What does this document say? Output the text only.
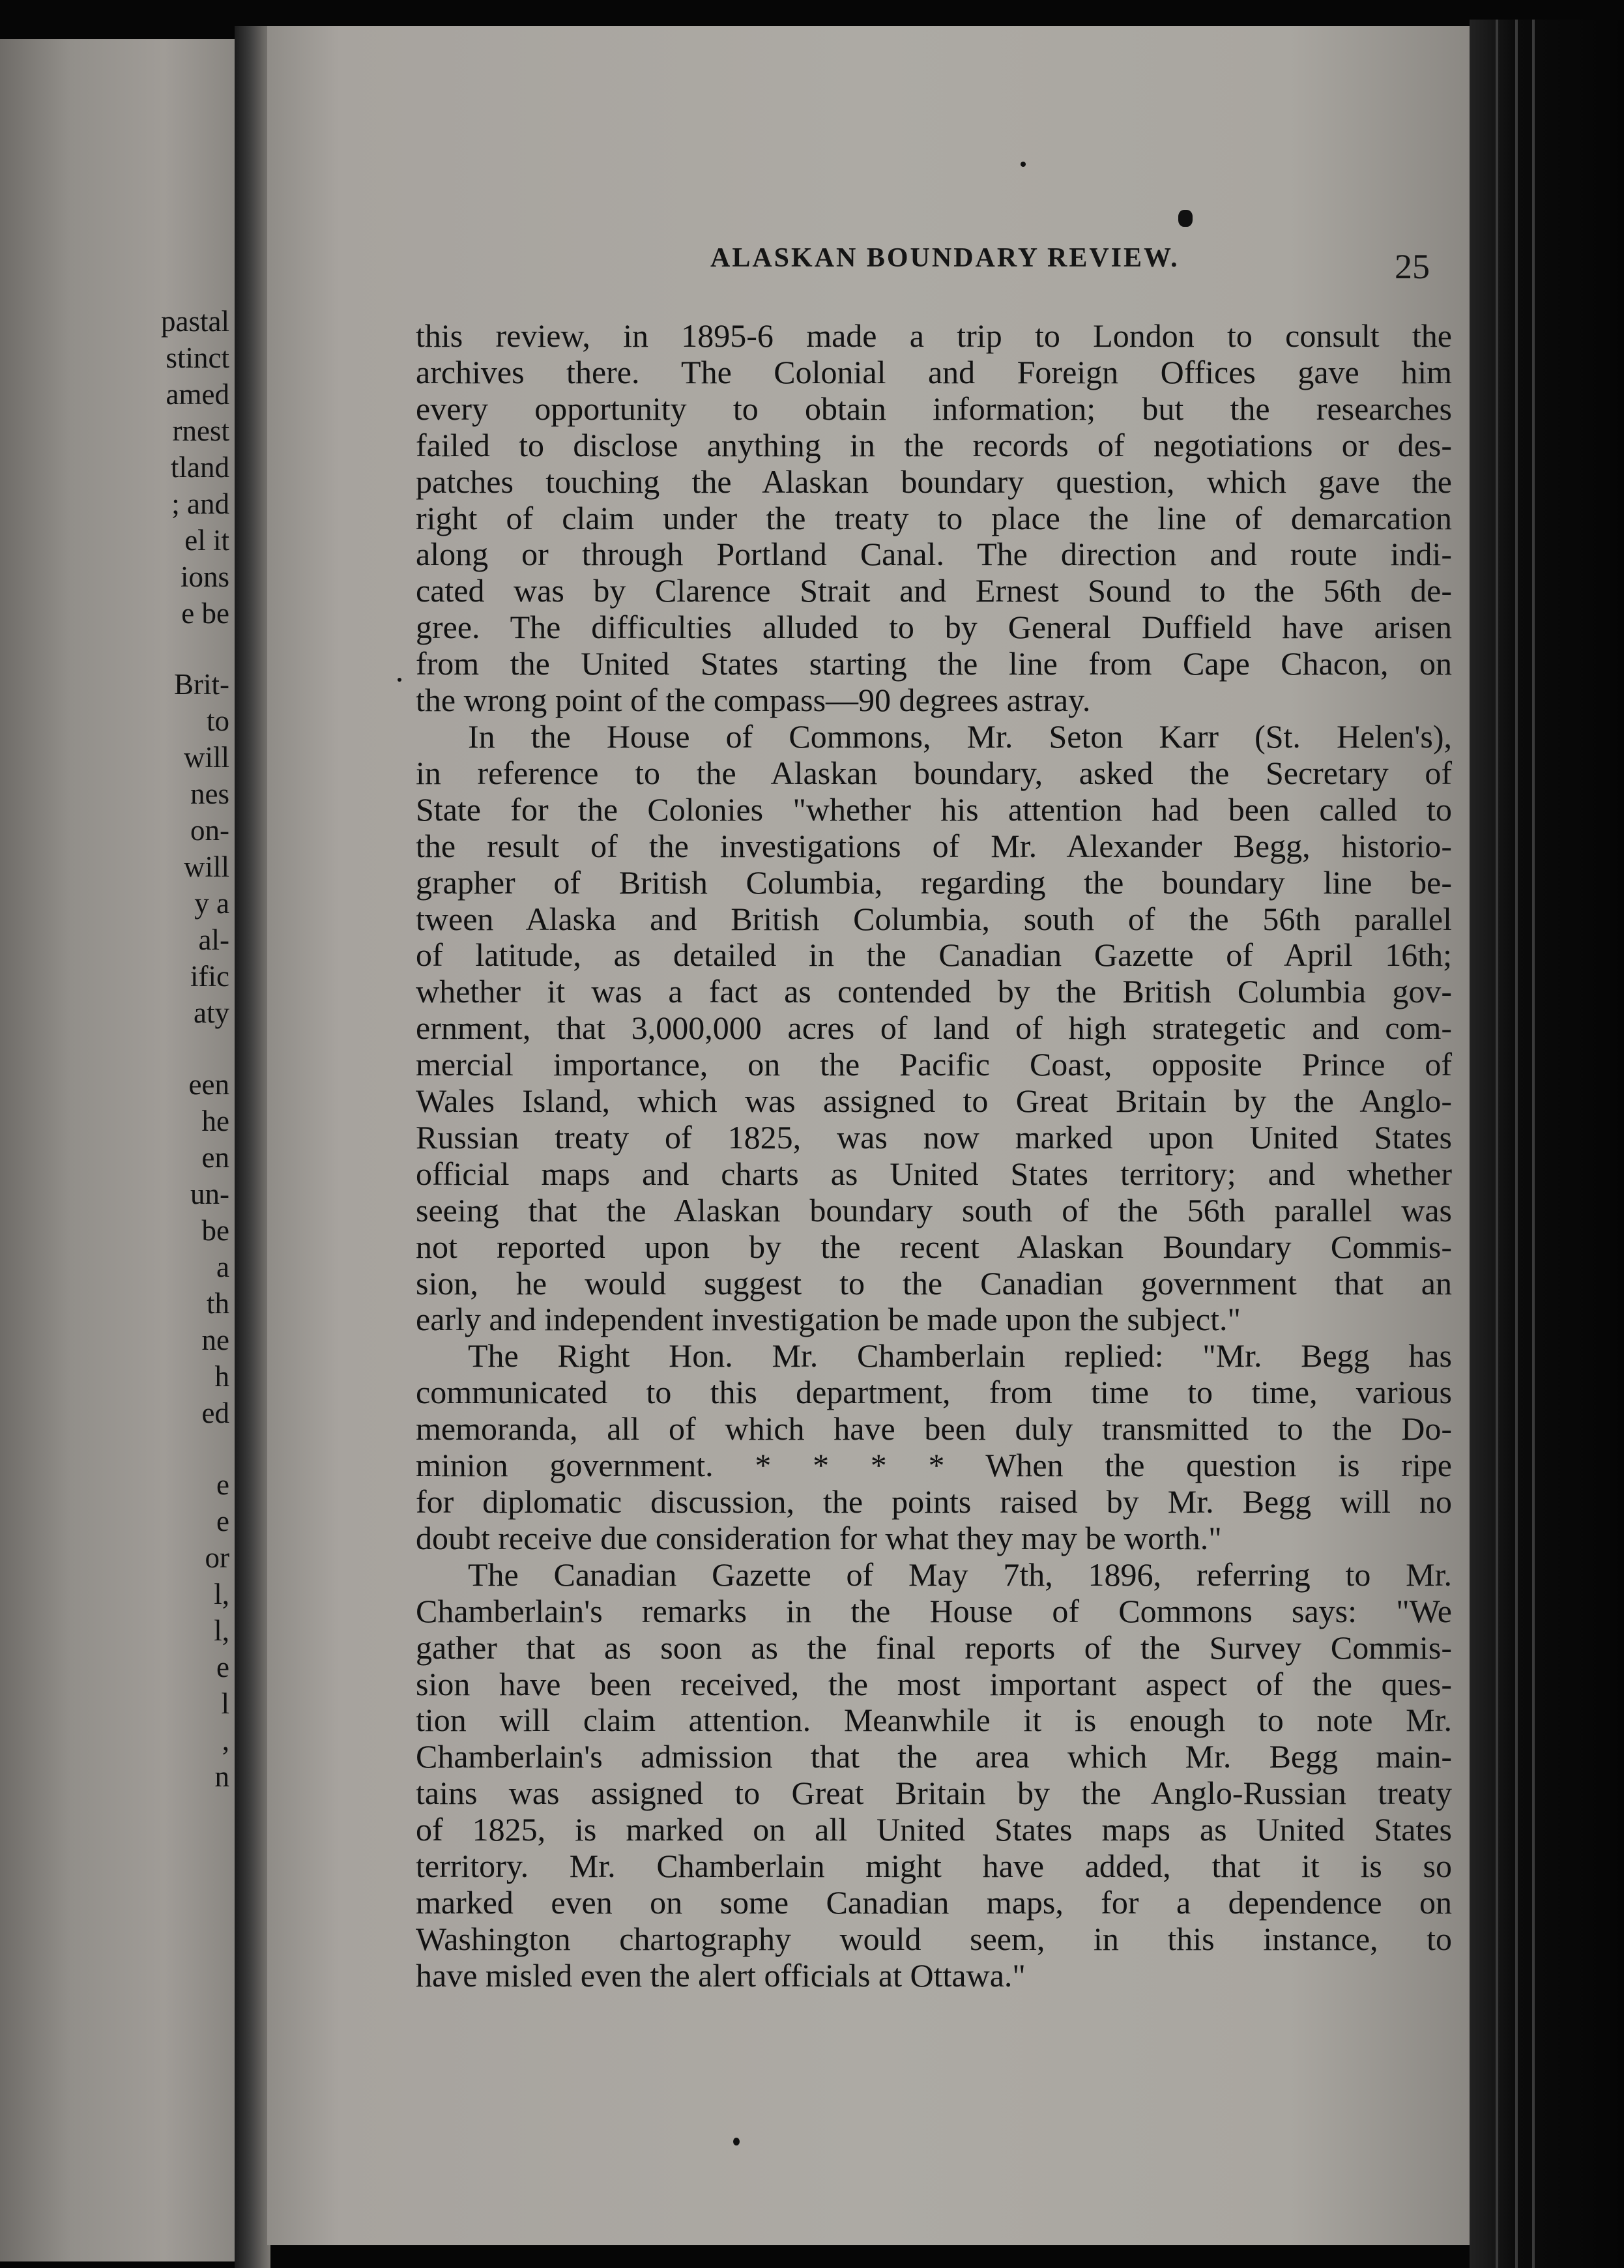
pastal
stinct
amed
rnest
tland
; and
el it
ions
e be
Brit-
to
will
nes
on-
will
y a
al-
ific
aty
een
he
en
un-
be
a
th
ne
h
ed
e
e
or
l,
l,
e
l
,
n
ALASKAN BOUNDARY REVIEW.	25
this review, in 1895-6 made a trip to London to consult the
archives there. The Colonial and Foreign Offices gave him
every opportunity to obtain information; but the researches
failed to disclose anything in the records of negotiations or des-
patches touching the Alaskan boundary question, which gave the
right of claim under the treaty to place the line of demarcation
along or through Portland Canal. The direction and route indi-
cated was by Clarence Strait and Ernest Sound to the 56th de-
gree. The difficulties alluded to by General Duffield have arisen
from the United States starting the line from Cape Chacon, on
the wrong point of the compass—90 degrees astray.
In the House of Commons, Mr. Seton Karr (St. Helen's),
in reference to the Alaskan boundary, asked the Secretary of
State for the Colonies "whether his attention had been called to
the result of the investigations of Mr. Alexander Begg, historio-
grapher of British Columbia, regarding the boundary line be-
tween Alaska and British Columbia, south of the 56th parallel
of latitude, as detailed in the Canadian Gazette of April 16th;
whether it was a fact as contended by the British Columbia gov-
ernment, that 3,000,000 acres of land of high strategetic and com-
mercial importance, on the Pacific Coast, opposite Prince of
Wales Island, which was assigned to Great Britain by the Anglo-
Russian treaty of 1825, was now marked upon United States
official maps and charts as United States territory; and whether
seeing that the Alaskan boundary south of the 56th parallel was
not reported upon by the recent Alaskan Boundary Commis-
sion, he would suggest to the Canadian government that an
early and independent investigation be made upon the subject."
The Right Hon. Mr. Chamberlain replied: "Mr. Begg has
communicated to this department, from time to time, various
memoranda, all of which have been duly transmitted to the Do-
minion government. * * * * When the question is ripe
for diplomatic discussion, the points raised by Mr. Begg will no
doubt receive due consideration for what they may be worth."
The Canadian Gazette of May 7th, 1896, referring to Mr.
Chamberlain's remarks in the House of Commons says: "We
gather that as soon as the final reports of the Survey Commis-
sion have been received, the most important aspect of the ques-
tion will claim attention. Meanwhile it is enough to note Mr.
Chamberlain's admission that the area which Mr. Begg main-
tains was assigned to Great Britain by the Anglo-Russian treaty
of 1825, is marked on all United States maps as United States
territory. Mr. Chamberlain might have added, that it is so
marked even on some Canadian maps, for a dependence on
Washington chartography would seem, in this instance, to
have misled even the alert officials at Ottawa."
